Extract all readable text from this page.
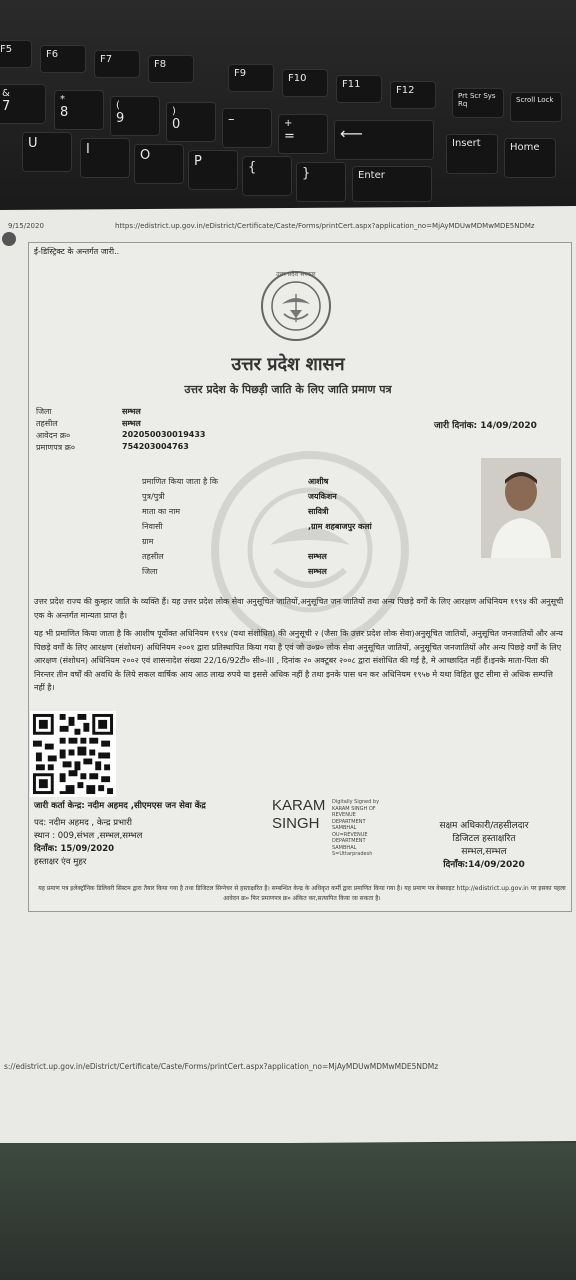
F5	F6	F7	F8
F9	F10
F11
F12	Prt Scr Sys Rq	Scroll Lock
&
7	*
8	(
9	)
0	–	+
=	⟵
Insert	Home
U	I	O	P	{	}	Enter
9/15/2020	https://edistrict.up.gov.in/eDistrict/Certificate/Caste/Forms/printCert.aspx?application_no=MjAyMDUwMDMwMDE5NDMz
ई-डिस्ट्रिक्ट के अन्तर्गत जारी..
उत्तर प्रदेश सरकार
उत्तर प्रदेश शासन
उत्तर प्रदेश के पिछड़ी जाति के लिए जाति प्रमाण पत्र
जारी दिनांक: 14/09/2020
जिला	सम्भल
तहसील	सम्भल
आवेदन क्र०	202050030019433
प्रमाणपत्र क्र०	754203004763
प्रमाणित किया जाता है कि	आशीष
पुत्र/पुत्री	जयकिशन
माता का नाम	सावित्री
निवासी	,ग्राम शहबाजपुर कलां
ग्राम
तहसील	सम्भल
जिला	सम्भल
उत्तर प्रदेश राज्य की कुम्हार जाति के व्यक्ति हैं। यह उत्तर प्रदेश लोक सेवा अनुसूचित जातियों,अनुसूचित जन जातियों तथा अन्य पिछड़े वर्गों के लिए आरक्षण अधिनियम १९९४ की अनुसूची एक के अन्तर्गत मान्यता प्राप्त है।
यह भी प्रमाणित किया जाता है कि आशीष पूर्वोक्त अधिनियम १९९४ (यथा संशोधित) की अनुसूची २ (जैसा कि उत्तर प्रदेश लोक सेवा)अनुसूचित जातियों, अनुसूचित जनजातियों और अन्य पिछड़े वर्गों के लिए आरक्षण (संशोधन) अधिनियम २००१ द्वारा प्रतिस्थापित किया गया है एवं जो उ०प्र० लोक सेवा अनुसूचित जातियों, अनुसूचित जनजातियों और अन्य पिछड़े वर्गों के लिए आरक्षण (संशोधन) अधिनियम २००२ एवं शासनादेश संख्या 22/16/92टी० सी०-III , दिनांक २० अक्टूबर २००८ द्वारा संशोधित की गई है, मे आच्छादित नहीं हैं।इनके माता-पिता की निरन्तर तीन वर्षों की अवधि के लिये सकल वार्षिक आय आठ लाख रुपये या इससे अधिक नहीं है तथा इनके पास धन कर अधिनियम १९५७ मे यथा विहित छूट सीमा से अधिक सम्पत्ति नहीं है।
जारी कर्ता केन्द्र: नदीम अहमद ,सीएमएस जन सेवा केंद्र
पद: नदीम अहमद , केन्द्र प्रभारी
स्थान : 009,संभल ,सम्भल,सम्भल
दिनाँक: 15/09/2020
हस्ताक्षर एंव मुहर
KARAM
SINGH
Digitally Signed by KARAM SINGH OF REVENUE DEPARTMENT SAMBHAL OU=REVENUE DEPARTMENT SAMBHAL S=Uttarpradesh
सक्षम अधिकारी/तहसीलदार
डिजिटल हस्ताक्षरित
सम्भल,सम्भल
दिनाँक:14/09/2020
यह प्रमाण पत्र इलेक्ट्रॉनिक डिलिवरी सिस्टम द्वारा तैयार किया गया है तथा डिजिटल सिग्नेचर से हस्ताक्षरित है। सम्बन्धित केन्द्र के अधिकृत कर्मी द्वारा प्रमाणित किया गया है। यह प्रमाण पत्र वेबसाइट http://edistrict.up.gov.in पर इसका पहला आवेदन क्र० फिर प्रमाणपत्र क्र० अंकित कर,सत्यापित किया जा सकता है।
s://edistrict.up.gov.in/eDistrict/Certificate/Caste/Forms/printCert.aspx?application_no=MjAyMDUwMDMwMDE5NDMz
